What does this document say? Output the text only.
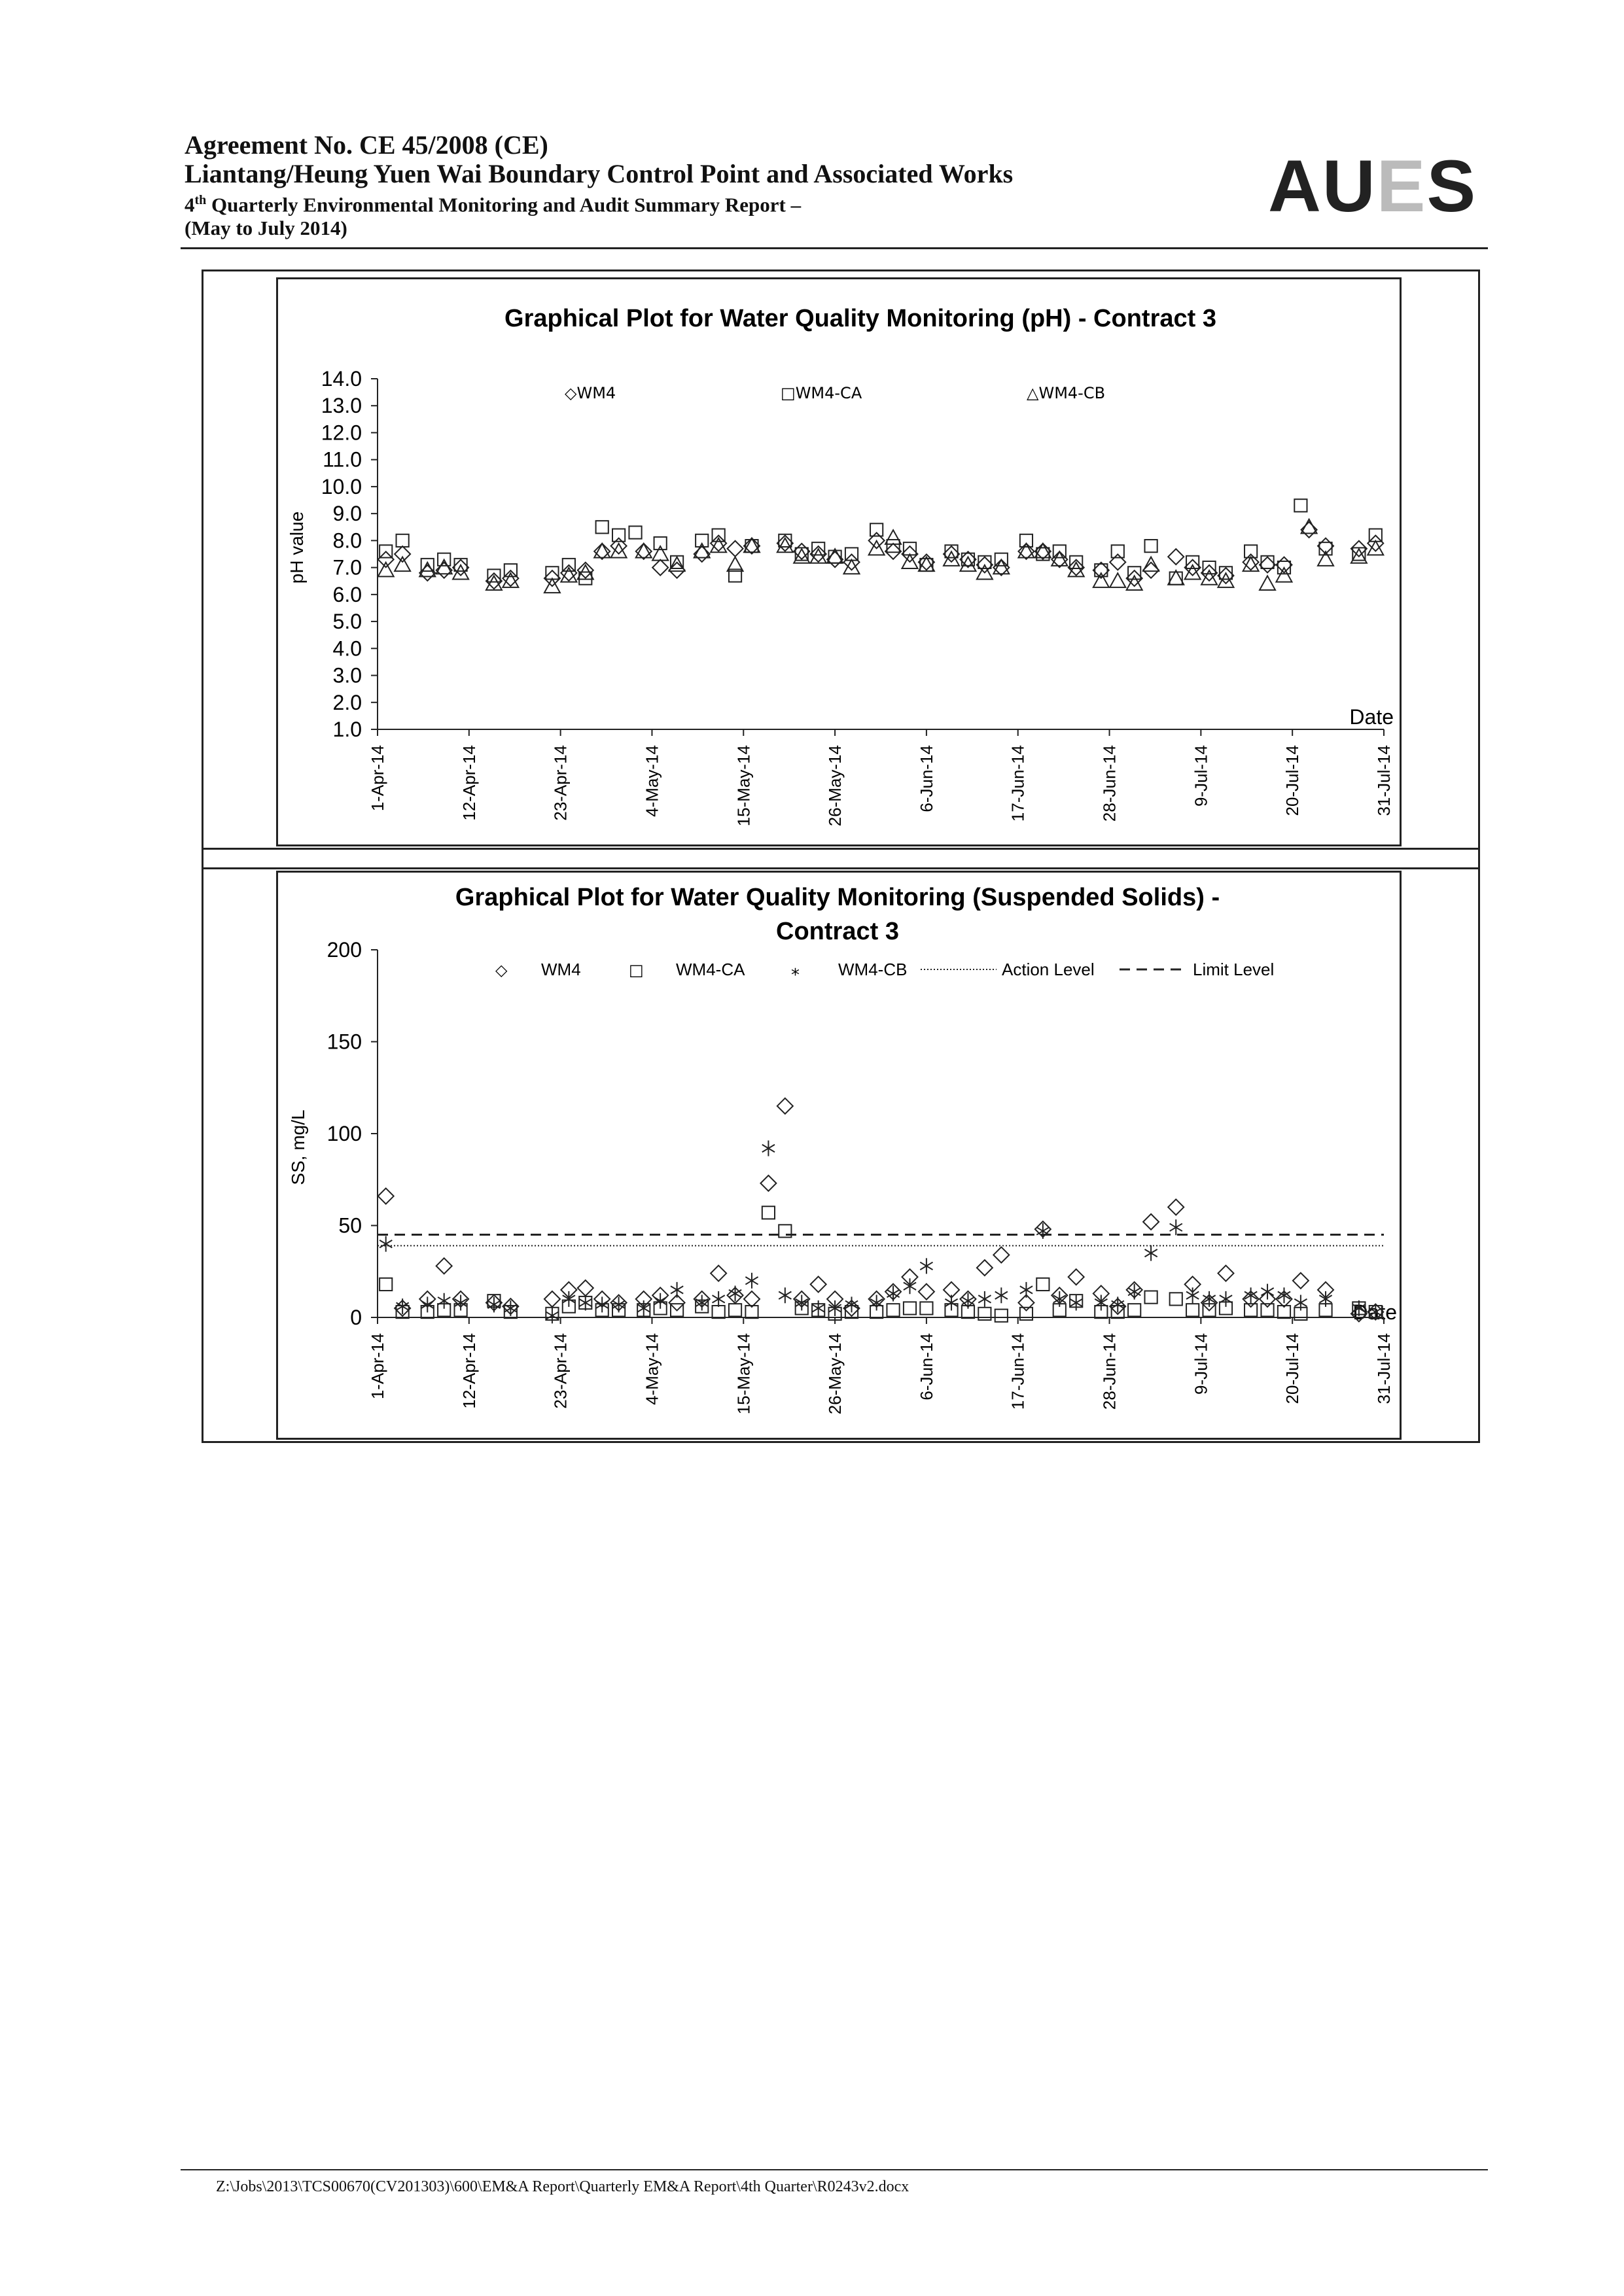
Agreement No. CE 45/2008 (CE)
Liantang/Heung Yuen Wai Boundary Control Point and Associated Works
4th Quarterly Environmental Monitoring and Audit Summary Report –
(May to July 2014)
AUES
Graphical Plot for Water Quality Monitoring (pH) - Contract 3
◇WM4	□WM4-CA	△WM4-CB
pH value
Date
1.0
2.0
3.0
4.0
5.0
6.0
7.0
8.0
9.0
10.0
11.0
12.0
13.0
14.0
1-Apr-14	12-Apr-14	23-Apr-14	4-May-14	15-May-14	26-May-14	6-Jun-14	17-Jun-14	28-Jun-14	9-Jul-14	20-Jul-14	31-Jul-14
Graphical Plot for Water Quality Monitoring (Suspended Solids) -
Contract 3
◇ WM4	□ WM4-CA	⁎ WM4-CB	Action Level	Limit Level
SS, mg/L
Date
0
50
100
150
200
1-Apr-14	12-Apr-14	23-Apr-14	4-May-14	15-May-14	26-May-14	6-Jun-14	17-Jun-14	28-Jun-14	9-Jul-14	20-Jul-14	31-Jul-14
Z:\Jobs\2013\TCS00670(CV201303)\600\EM&A Report\Quarterly EM&A Report\4th Quarter\R0243v2.docx
